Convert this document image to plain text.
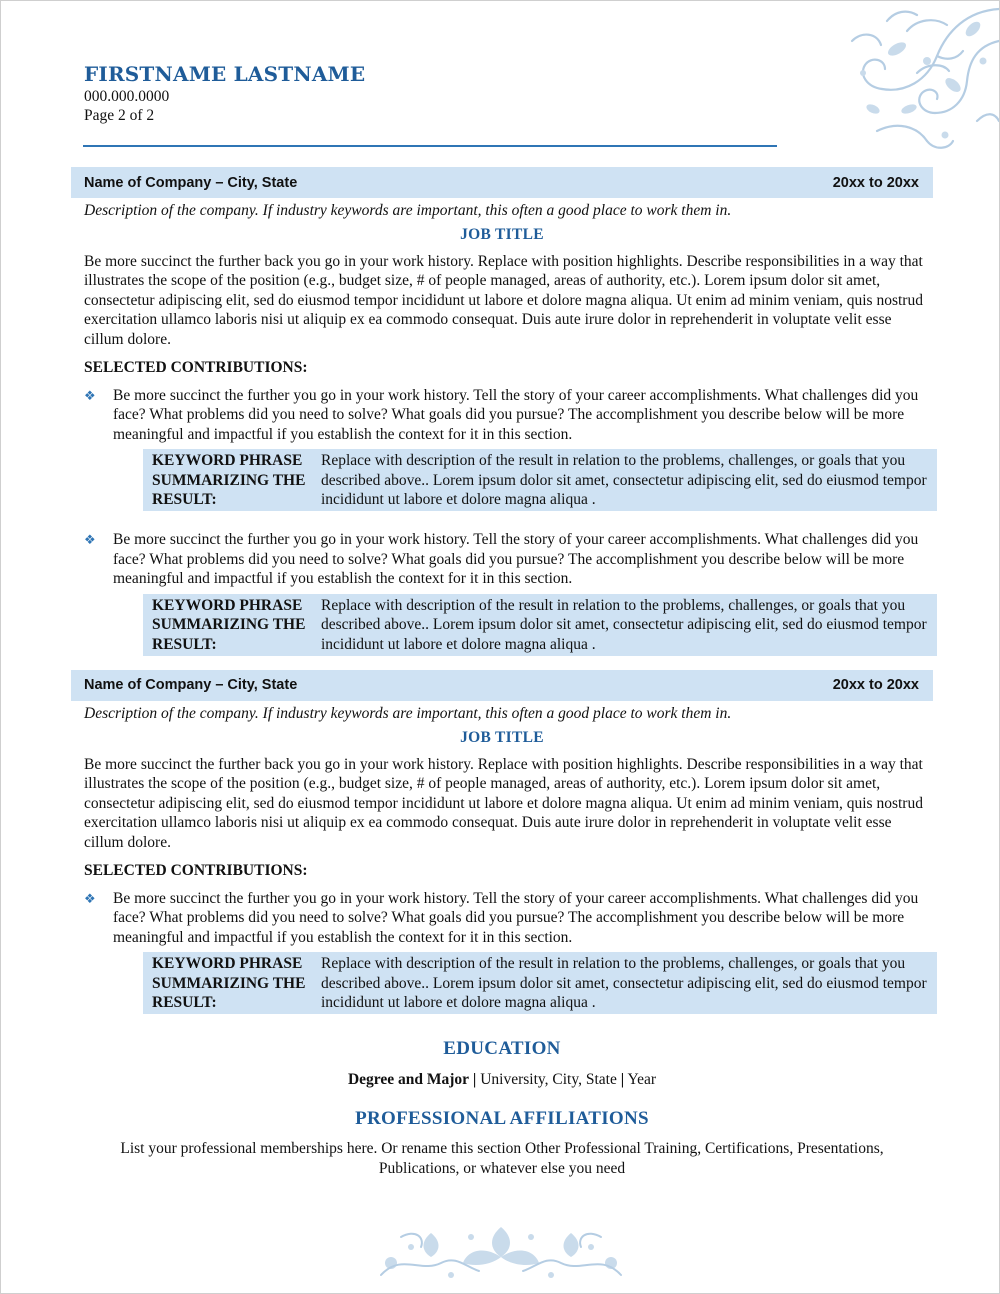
FIRSTNAME LASTNAME
000.000.0000
Page 2 of 2
Name of Company – City, State	20xx to 20xx
Description of the company. If industry keywords are important, this often a good place to work them in.
JOB TITLE
Be more succinct the further back you go in your work history. Replace with position highlights. Describe responsibilities in a way that illustrates the scope of the position (e.g., budget size, # of people managed, areas of authority, etc.). Lorem ipsum dolor sit amet, consectetur adipiscing elit, sed do eiusmod tempor incididunt ut labore et dolore magna aliqua. Ut enim ad minim veniam, quis nostrud exercitation ullamco laboris nisi ut aliquip ex ea commodo consequat. Duis aute irure dolor in reprehenderit in voluptate velit esse cillum dolore.
SELECTED CONTRIBUTIONS:
❖	Be more succinct the further you go in your work history. Tell the story of your career accomplishments. What challenges did you face? What problems did you need to solve? What goals did you pursue? The accomplishment you describe below will be more meaningful and impactful if you establish the context for it in this section.
KEYWORD PHRASE SUMMARIZING THE RESULT:
Replace with description of the result in relation to the problems, challenges, or goals that you described above.. Lorem ipsum dolor sit amet, consectetur adipiscing elit, sed do eiusmod tempor incididunt ut labore et dolore magna aliqua .
❖	Be more succinct the further you go in your work history. Tell the story of your career accomplishments. What challenges did you face? What problems did you need to solve? What goals did you pursue? The accomplishment you describe below will be more meaningful and impactful if you establish the context for it in this section.
KEYWORD PHRASE SUMMARIZING THE RESULT:
Replace with description of the result in relation to the problems, challenges, or goals that you described above.. Lorem ipsum dolor sit amet, consectetur adipiscing elit, sed do eiusmod tempor incididunt ut labore et dolore magna aliqua .
Name of Company – City, State	20xx to 20xx
Description of the company. If industry keywords are important, this often a good place to work them in.
JOB TITLE
Be more succinct the further back you go in your work history. Replace with position highlights. Describe responsibilities in a way that illustrates the scope of the position (e.g., budget size, # of people managed, areas of authority, etc.). Lorem ipsum dolor sit amet, consectetur adipiscing elit, sed do eiusmod tempor incididunt ut labore et dolore magna aliqua. Ut enim ad minim veniam, quis nostrud exercitation ullamco laboris nisi ut aliquip ex ea commodo consequat. Duis aute irure dolor in reprehenderit in voluptate velit esse cillum dolore.
SELECTED CONTRIBUTIONS:
❖	Be more succinct the further you go in your work history. Tell the story of your career accomplishments. What challenges did you face? What problems did you need to solve? What goals did you pursue? The accomplishment you describe below will be more meaningful and impactful if you establish the context for it in this section.
KEYWORD PHRASE SUMMARIZING THE RESULT:
Replace with description of the result in relation to the problems, challenges, or goals that you described above.. Lorem ipsum dolor sit amet, consectetur adipiscing elit, sed do eiusmod tempor incididunt ut labore et dolore magna aliqua .
EDUCATION
Degree and Major | University, City, State | Year
PROFESSIONAL AFFILIATIONS
List your professional memberships here. Or rename this section Other Professional Training, Certifications, Presentations, Publications, or whatever else you need
